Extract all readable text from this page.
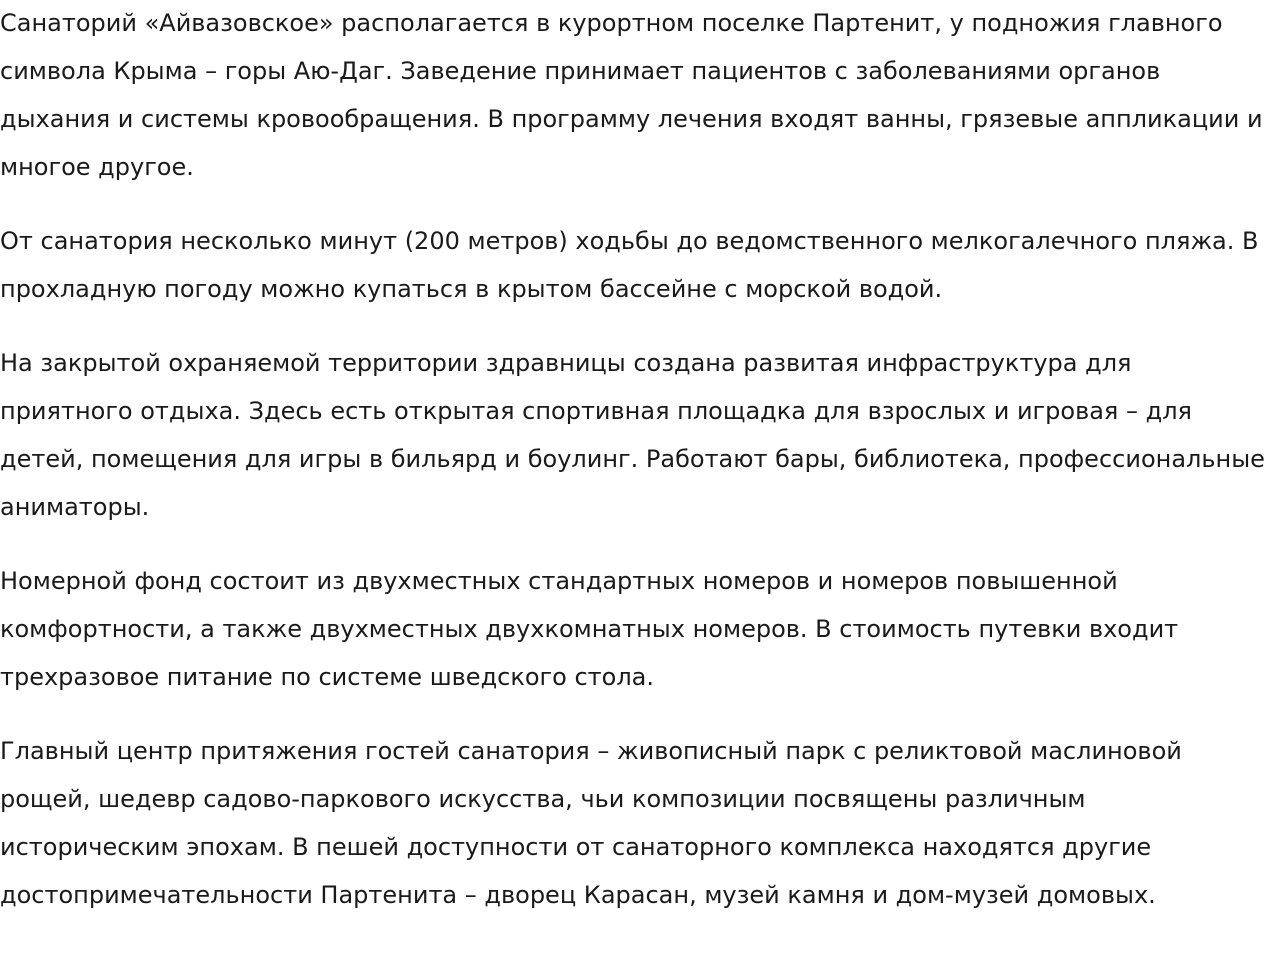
Санаторий «Айвазовское» располагается в курортном поселке Партенит, у подножия главного символа Крыма – горы Аю-Даг. Заведение принимает пациентов с заболеваниями органов дыхания и системы кровообращения. В программу лечения входят ванны, грязевые аппликации и многое другое.

От санатория несколько минут (200 метров) ходьбы до ведомственного мелкогалечного пляжа. В прохладную погоду можно купаться в крытом бассейне с морской водой.

На закрытой охраняемой территории здравницы создана развитая инфраструктура для приятного отдыха. Здесь есть открытая спортивная площадка для взрослых и игровая – для детей, помещения для игры в бильярд и боулинг. Работают бары, библиотека, профессиональные аниматоры.

Номерной фонд состоит из двухместных стандартных номеров и номеров повышенной комфортности, а также двухместных двухкомнатных номеров. В стоимость путевки входит трехразовое питание по системе шведского стола.

Главный центр притяжения гостей санатория – живописный парк с реликтовой маслиновой рощей, шедевр садово-паркового искусства, чьи композиции посвящены различным историческим эпохам. В пешей доступности от санаторного комплекса находятся другие достопримечательности Партенита – дворец Карасан, музей камня и дом-музей домовых.
